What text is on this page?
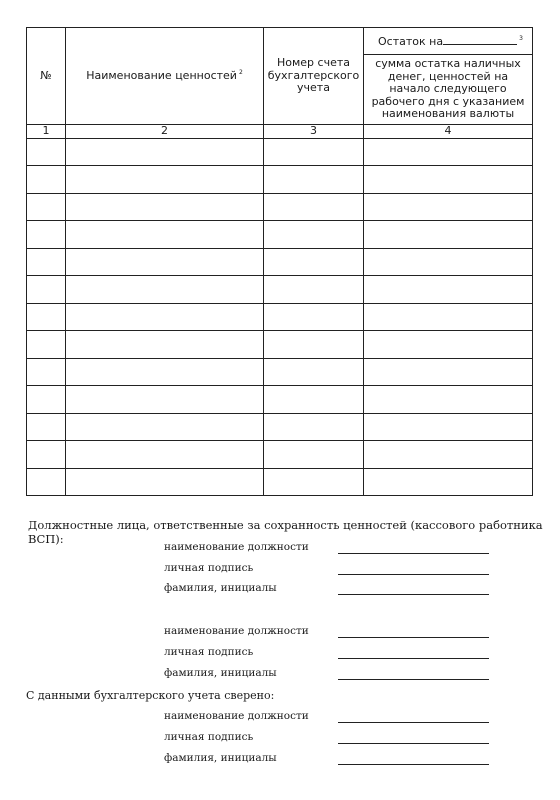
№	Наименование ценностей $^2$	Номер счета бухгалтерского учета	Остаток на $^3$
			сумма остатка наличных денег, ценностей на начало следующего рабочего дня с указанием наименования валюты
1	2	3	4

Должностные лица, ответственные за сохранность ценностей (кассового работника ВСП):
наименование должности
личная подпись
фамилия, инициалы
наименование должности
личная подпись
фамилия, инициалы
С данными бухгалтерского учета сверено:
наименование должности
личная подпись
фамилия, инициалы
